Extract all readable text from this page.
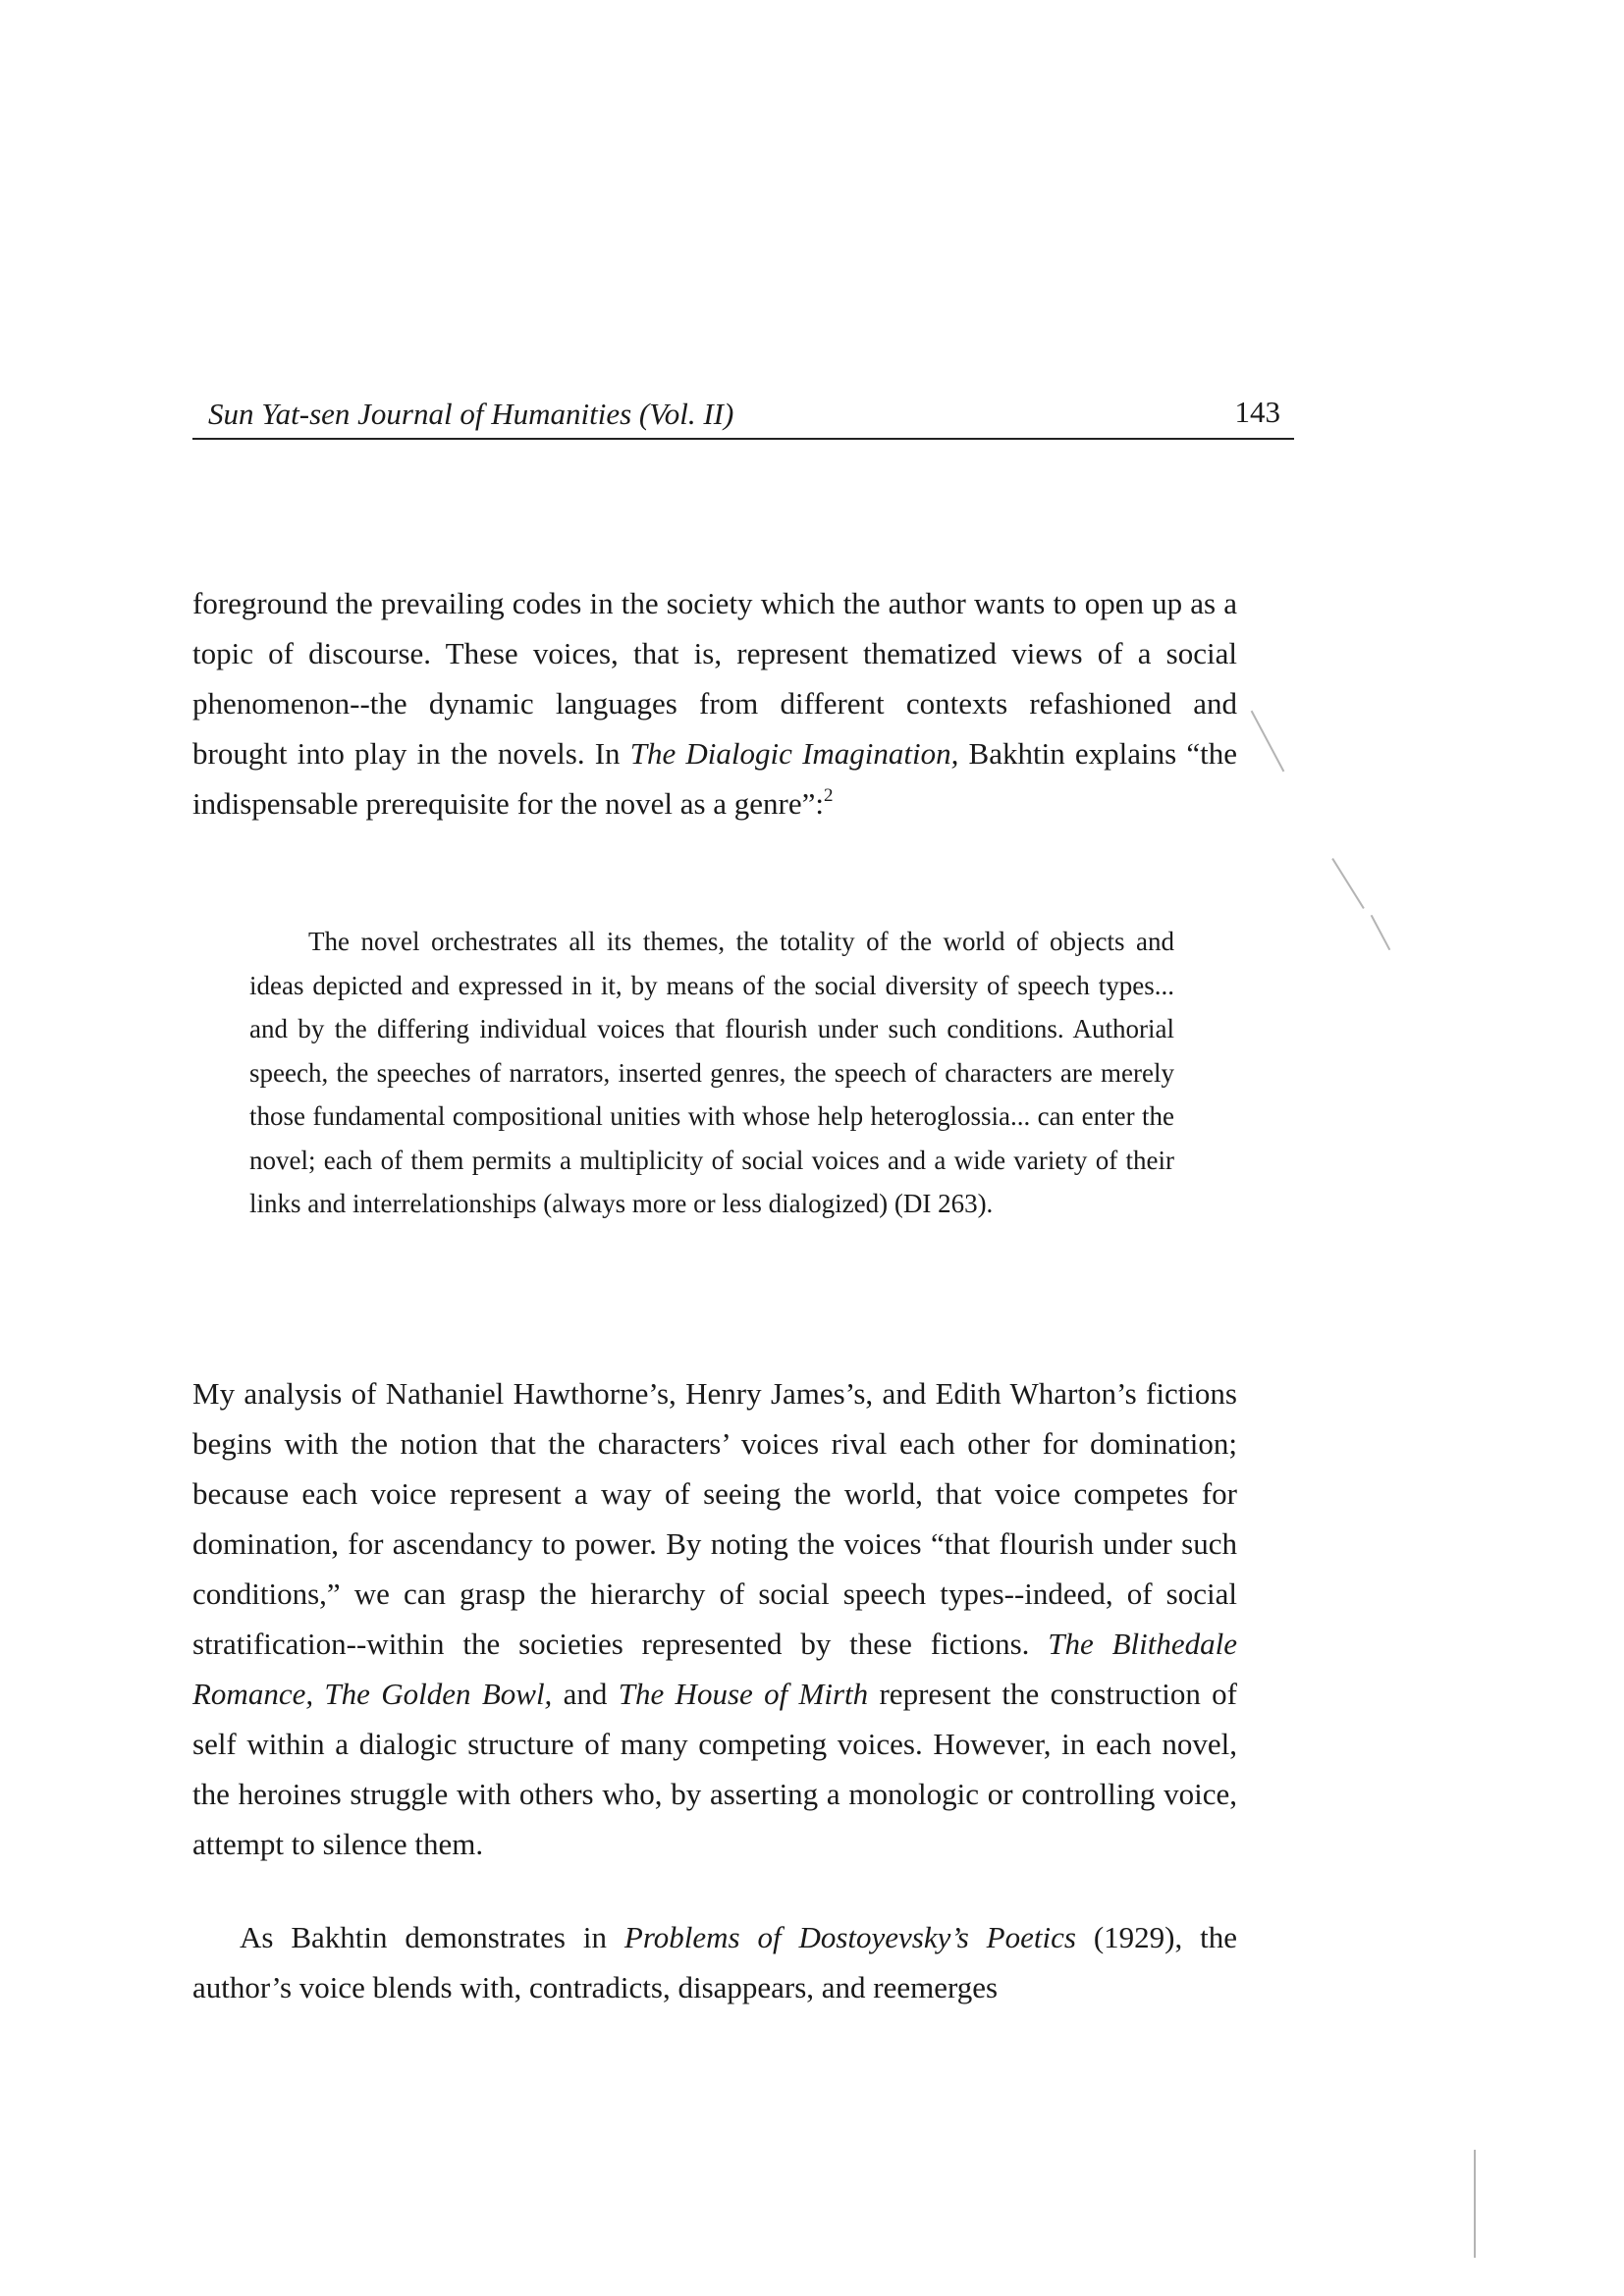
Sun Yat-sen Journal of Humanities (Vol. II)	143

foreground the prevailing codes in the society which the author wants to open up as a topic of discourse. These voices, that is, represent thematized views of a social phenomenon--the dynamic languages from different contexts refashioned and brought into play in the novels. In The Dialogic Imagination, Bakhtin explains “the indispensable prerequisite for the novel as a genre”:$^2$

The novel orchestrates all its themes, the totality of the world of objects and ideas depicted and expressed in it, by means of the social diversity of speech types... and by the differing individual voices that flourish under such conditions. Authorial speech, the speeches of narrators, inserted genres, the speech of characters are merely those fundamental compositional unities with whose help heteroglossia... can enter the novel; each of them permits a multiplicity of social voices and a wide variety of their links and interrelationships (always more or less dialogized) (DI 263).

My analysis of Nathaniel Hawthorne’s, Henry James’s, and Edith Wharton’s fictions begins with the notion that the characters’ voices rival each other for domination; because each voice represent a way of seeing the world, that voice competes for domination, for ascendancy to power. By noting the voices “that flourish under such conditions,” we can grasp the hierarchy of social speech types--indeed, of social stratification--within the societies represented by these fictions. The Blithedale Romance, The Golden Bowl, and The House of Mirth represent the construction of self within a dialogic structure of many competing voices. However, in each novel, the heroines struggle with others who, by asserting a monologic or controlling voice, attempt to silence them.

As Bakhtin demonstrates in Problems of Dostoyevsky’s Poetics (1929), the author’s voice blends with, contradicts, disappears, and reemerges
